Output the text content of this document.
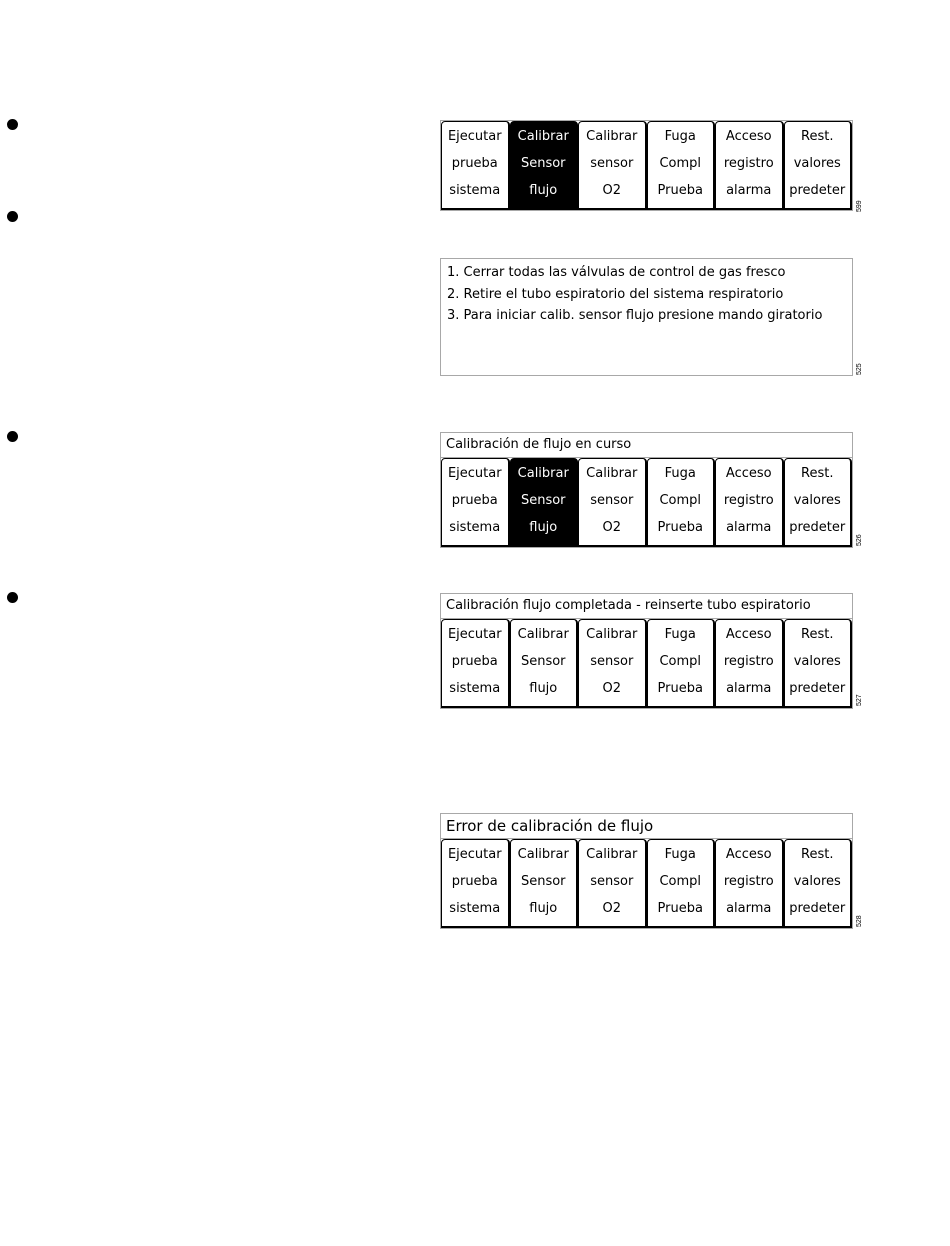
Ejecutar
prueba
sistema
Calibrar
Sensor
flujo
Calibrar
sensor
O2
Fuga
Compl
Prueba
Acceso
registro
alarma
Rest.
valores
predeter
599
1. Cerrar todas las válvulas de control de gas fresco
2. Retire el tubo espiratorio del sistema respiratorio
3. Para iniciar calib. sensor flujo presione mando giratorio
525
Calibración de flujo en curso
Ejecutar
prueba
sistema
Calibrar
Sensor
flujo
Calibrar
sensor
O2
Fuga
Compl
Prueba
Acceso
registro
alarma
Rest.
valores
predeter
526
Calibración flujo completada - reinserte tubo espiratorio
Ejecutar
prueba
sistema
Calibrar
Sensor
flujo
Calibrar
sensor
O2
Fuga
Compl
Prueba
Acceso
registro
alarma
Rest.
valores
predeter
527
Error de calibración de flujo
Ejecutar
prueba
sistema
Calibrar
Sensor
flujo
Calibrar
sensor
O2
Fuga
Compl
Prueba
Acceso
registro
alarma
Rest.
valores
predeter
528
